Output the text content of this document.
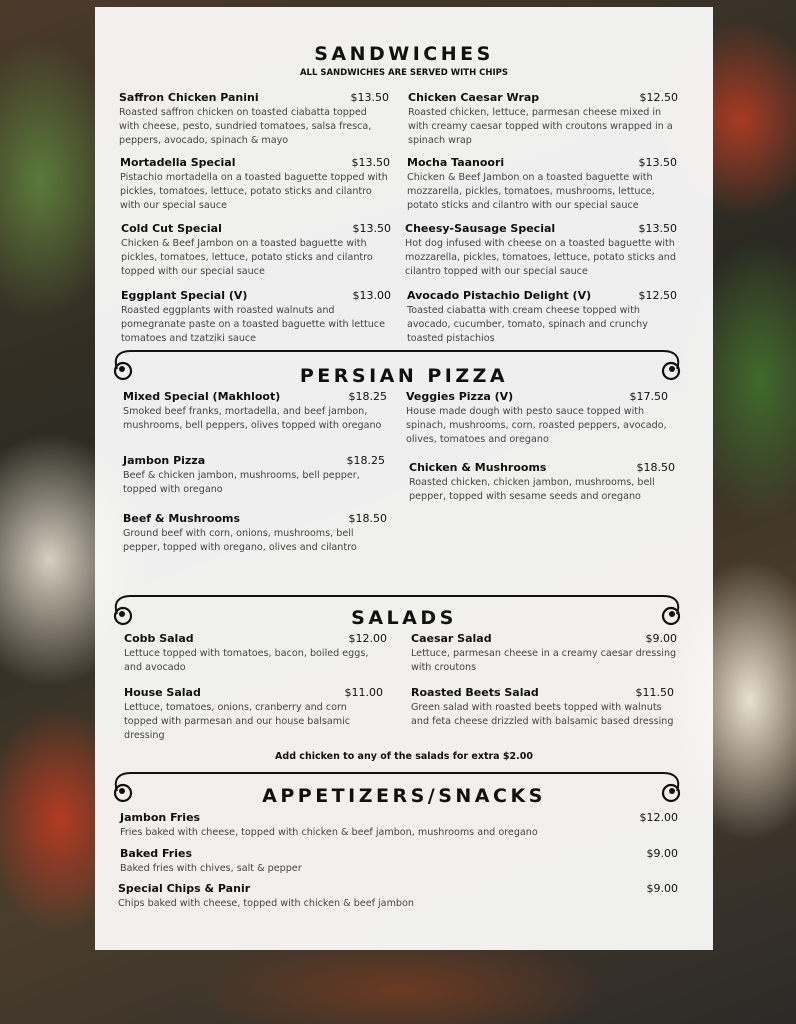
SANDWICHES
ALL SANDWICHES ARE SERVED WITH CHIPS
Saffron Chicken Panini	$13.50
Roasted saffron chicken on toasted ciabatta topped with cheese, pesto, sundried tomatoes, salsa fresca, peppers, avocado, spinach & mayo
Chicken Caesar Wrap	$12.50
Roasted chicken, lettuce, parmesan cheese mixed in with creamy caesar topped with croutons wrapped in a spinach wrap
Mortadella Special	$13.50
Pistachio mortadella on a toasted baguette topped with pickles, tomatoes, lettuce, potato sticks and cilantro with our special sauce
Mocha Taanoori	$13.50
Chicken & Beef Jambon on a toasted baguette with mozzarella, pickles, tomatoes, mushrooms, lettuce, potato sticks and cilantro with our special sauce
Cold Cut Special	$13.50
Chicken & Beef Jambon on a toasted baguette with pickles, tomatoes, lettuce, potato sticks and cilantro topped with our special sauce
Cheesy-Sausage Special	$13.50
Hot dog infused with cheese on a toasted baguette with mozzarella, pickles, tomatoes, lettuce, potato sticks and cilantro topped with our special sauce
Eggplant Special (V)	$13.00
Roasted eggplants with roasted walnuts and pomegranate paste on a toasted baguette with lettuce tomatoes and tzatziki sauce
Avocado Pistachio Delight (V)	$12.50
Toasted ciabatta with cream cheese topped with avocado, cucumber, tomato, spinach and crunchy toasted pistachios
PERSIAN PIZZA
Mixed Special (Makhloot)	$18.25
Smoked beef franks, mortadella, and beef jambon, mushrooms, bell peppers, olives topped with oregano
Veggies Pizza (V)	$17.50
House made dough with pesto sauce topped with spinach, mushrooms, corn, roasted peppers, avocado, olives, tomatoes and oregano
Jambon Pizza	$18.25
Beef & chicken jambon, mushrooms, bell pepper, topped with oregano
Chicken & Mushrooms	$18.50
Roasted chicken, chicken jambon, mushrooms, bell pepper, topped with sesame seeds and oregano
Beef & Mushrooms	$18.50
Ground beef with corn, onions, mushrooms, bell pepper, topped with oregano, olives and cilantro
SALADS
Cobb Salad	$12.00
Lettuce topped with tomatoes, bacon, boiled eggs, and avocado
Caesar Salad	$9.00
Lettuce, parmesan cheese in a creamy caesar dressing with croutons
House Salad	$11.00
Lettuce, tomatoes, onions, cranberry and corn topped with parmesan and our house balsamic dressing
Roasted Beets Salad	$11.50
Green salad with roasted beets topped with walnuts and feta cheese drizzled with balsamic based dressing
Add chicken to any of the salads for extra $2.00
APPETIZERS/SNACKS
Jambon Fries	$12.00
Fries baked with cheese, topped with chicken & beef jambon, mushrooms and oregano
Baked Fries	$9.00
Baked fries with chives, salt & pepper
Special Chips & Panir	$9.00
Chips baked with cheese, topped with chicken & beef jambon
